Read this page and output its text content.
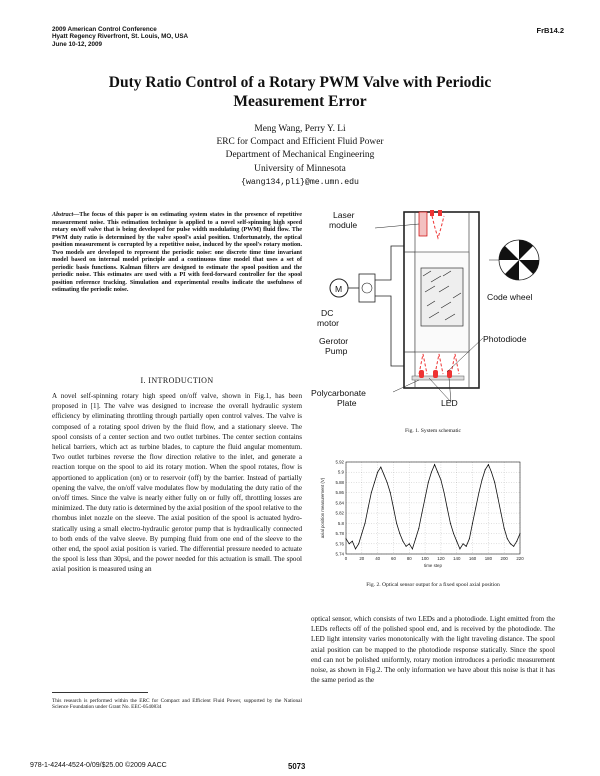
2009 American Control Conference
Hyatt Regency Riverfront, St. Louis, MO, USA
June 10-12, 2009
FrB14.2
Duty Ratio Control of a Rotary PWM Valve with Periodic
Measurement Error
Meng Wang, Perry Y. Li
ERC for Compact and Efficient Fluid Power
Department of Mechanical Engineering
University of Minnesota
{wang134,pli}@me.umn.edu
Abstract—The focus of this paper is on estimating system states in the presence of repetitive measurement noise. This estimation technique is applied to a novel self-spinning high speed rotary on/off valve that is being developed for pulse width modulating (PWM) fluid flow. The PWM duty ratio is determined by the valve spool's axial position. Unfortunately, the optical position measurement is corrupted by a repetitive noise, induced by the spool's rotary motion. Two models are developed to represent the periodic noise: one discrete time time invariant model based on internal model principle and a continuous time model that uses a set of periodic basis functions. Kalman filters are designed to estimate the spool position and the periodic noise. This estimates are used with a PI with feed-forward controller for the spool position reference tracking. Simulation and experimental results indicate the usefulness of estimating the periodic noise.
I. INTRODUCTION
A novel self-spinning rotary high speed on/off valve, shown in Fig.1, has been proposed in [1]. The valve was designed to increase the overall hydraulic system efficiency by eliminating throttling through partially open control valves. The valve is composed of a rotating spool driven by the fluid flow, and a stationary sleeve. The spool consists of a center section and two outlet turbines. The center section contains helical barriers, which act as turbine blades, to capture the fluid angular momentum. Two outlet turbines reverse the flow direction relative to the inlet, and generate a reaction torque on the spool to aid its rotary motion. When the spool rotates, flow is apportioned to application (on) or to reservoir (off) by the barrier. Instead of partially opening the valve, the on/off valve modulates flow by modulating the duty ratio of the on/off times. Since the valve is nearly either fully on or fully off, throttling losses are minimized. The duty ratio is determined by the axial position of the spool relative to the rhombus inlet nozzle on the sleeve. The axial position of the spool is actuated hydro-statically using a small electro-hydraulic gerotor pump that is hydraulically connected to both ends of the valve sleeve. By pumping fluid from one end of the sleeve to the other end, the spool axial position is varied. The differential pressure needed to actuate the spool is less than 30psi, and the power needed for this actuation is small. The spool axial position is measured using an
This research is performed within the ERC for Compact and Efficient Fluid Power, supported by the National Science Foundation under Grant No. EEC-0540834
M
Laser
module
DC
motor
Gerotor
Pump
Code wheel
Photodiode
Polycarbonate
Plate	LED
Fig. 1. System schematic
0	20 40 60 80 100 120 140 160 180 200 220
5.74
5.76
5.78
5.8
5.82
5.84
5.86
5.88
5.9
5.92
time step
axial position measurement (V)
Fig. 2. Optical sensor output for a fixed spool axial position
optical sensor, which consists of two LEDs and a photodiode. Light emitted from the LEDs reflects off of the polished spool end, and is received by the photodiode. The LED light intensity varies monotonically with the light traveling distance. The spool axial position can be mapped to the photodiode response statically. Since the spool end can not be polished uniformly, rotary motion introduces a periodic measurement noise, as shown in Fig.2. The only information we have about this noise is that it has the same period as the
978-1-4244-4524-0/09/$25.00 ©2009 AACC	5073
